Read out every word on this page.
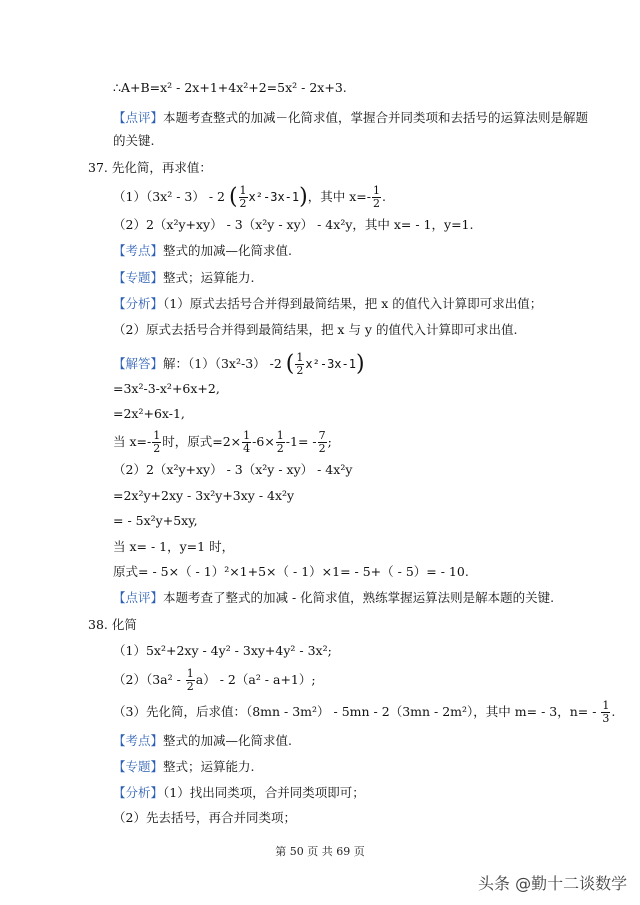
∴A+B=x² - 2x+1+4x²+2=5x² - 2x+3.
【点评】本题考查整式的加减－化简求值，掌握合并同类项和去括号的运算法则是解题
的关键.
37. 先化简，再求值：
（1）（3x² - 3） - 2 ( $\frac{1}{2} x^2-3x-1$)，其中 $x=- \frac{1}{2}$ .
（2）2（x²y+xy） - 3（x²y - xy） - 4x²y，其中 x= - 1，y=1.
【考点】整式的加减—化简求值.
【专题】整式；运算能力.
【分析】（1）原式去括号合并得到最简结果，把 x 的值代入计算即可求出值；
（2）原式去括号合并得到最简结果，把 x 与 y 的值代入计算即可求出值.
【解答】解：（1）（3x²-3） -2 ( $\frac{1}{2} x^2-3x-1$)
=3x²-3-x²+6x+2,
=2x²+6x-1,
当 $x=- \frac{1}{2}$ 时，原式$=2\times \frac{1}{4} -6\times \frac{1}{2} -1= - \frac{7}{2}$ ;
（2）2（x²y+xy） - 3（x²y - xy） - 4x²y
=2x²y+2xy - 3x²y+3xy - 4x²y
= - 5x²y+5xy,
当 x= - 1，y=1 时，
原式= - 5×（ - 1）²×1+5×（ - 1）×1= - 5+（ - 5）= - 10.
【点评】本题考查了整式的加减 - 化简求值，熟练掌握运算法则是解本题的关键.
38. 化简
（1）5x²+2xy - 4y² - 3xy+4y² - 3x²;
$(2)(3a^2 - \frac{1}{2} a) - 2(a^2 - a+1)$;
（3）先化简，后求值：（8mn - 3m²） - 5mn - 2（3mn - 2m²），其中 m= - 3，$n= - \frac{1}{3}$ .
【考点】整式的加减—化简求值.
【专题】整式；运算能力.
【分析】（1）找出同类项，合并同类项即可；
（2）先去括号，再合并同类项；
第 50 页 共 69 页
头条 @勤十二谈数学
